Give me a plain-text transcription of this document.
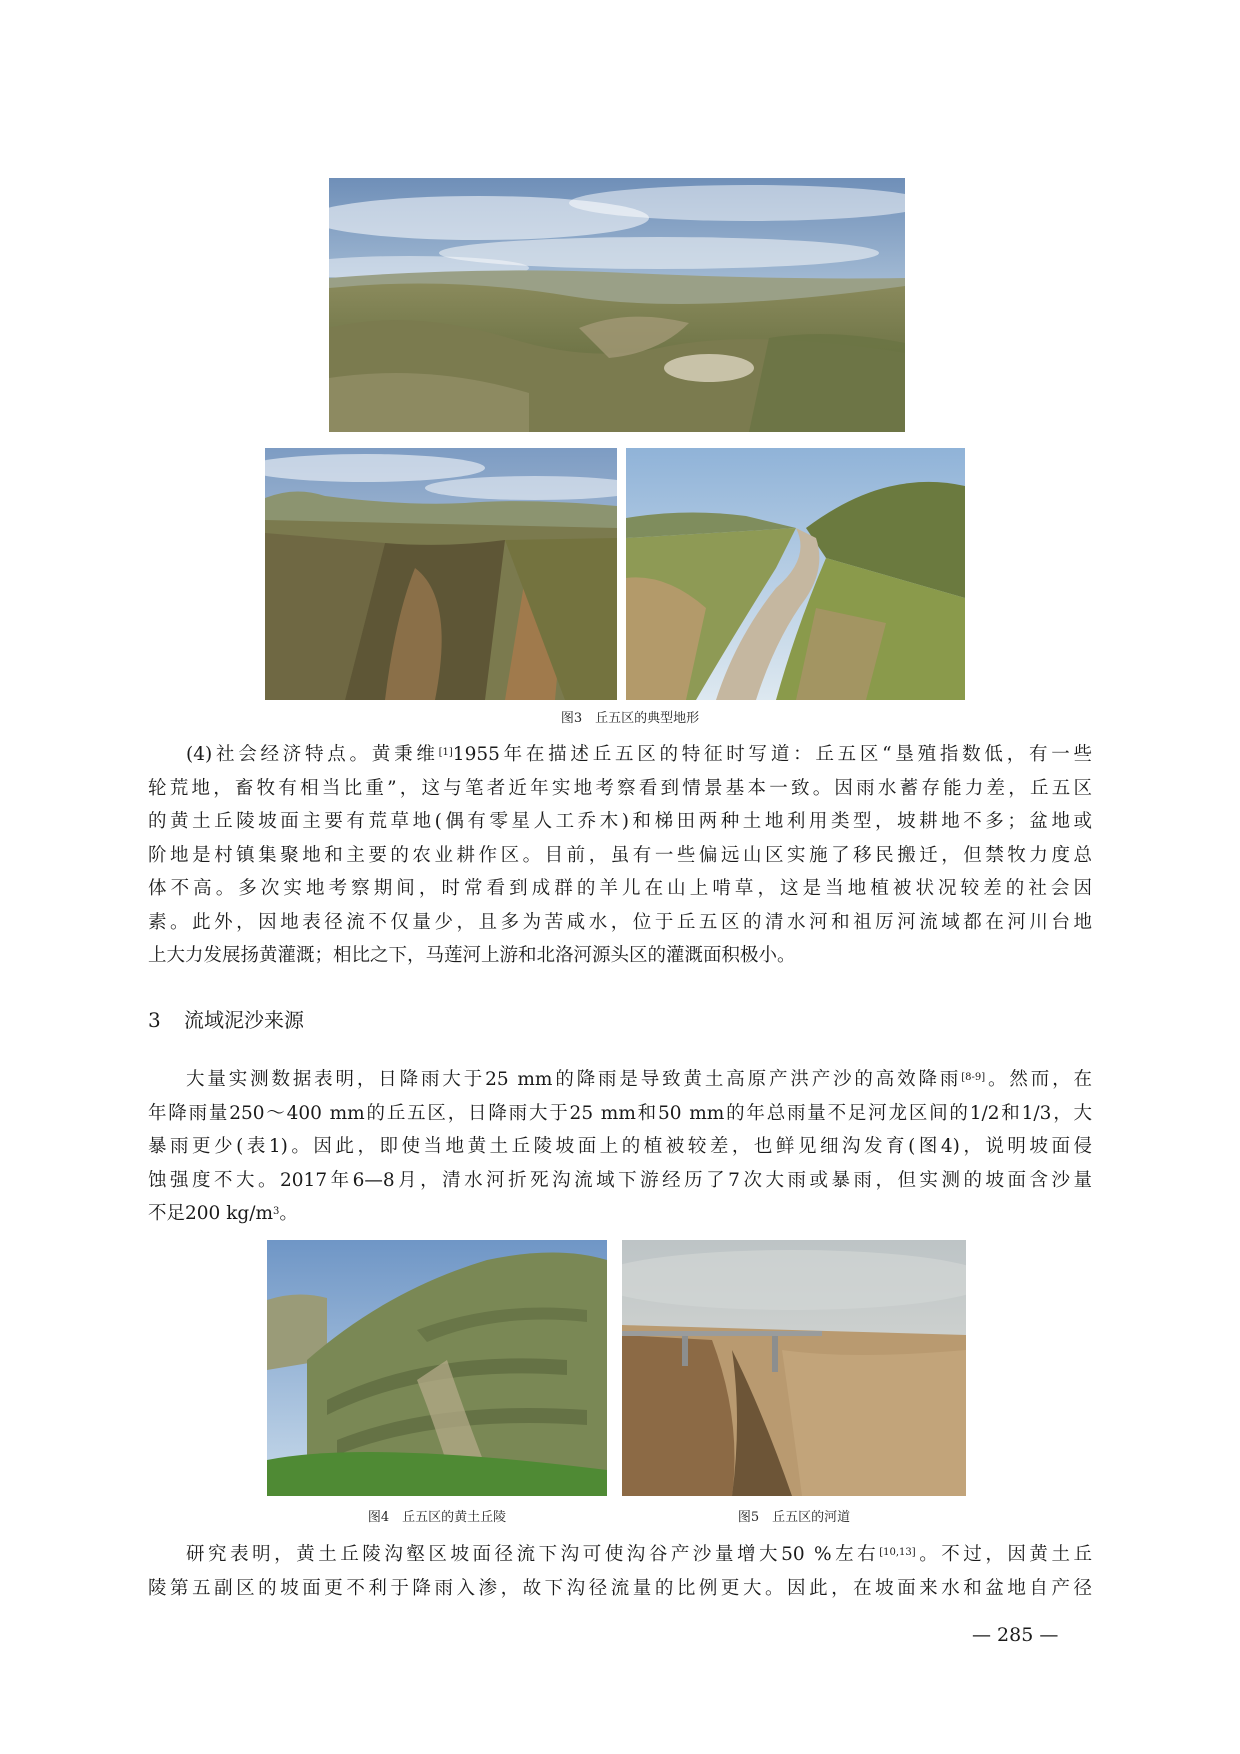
图3　丘五区的典型地形
(4)社会经济特点。黄秉维[1]1955年在描述丘五区的特征时写道：丘五区“垦殖指数低，有一些
轮荒地，畜牧有相当比重”，这与笔者近年实地考察看到情景基本一致。因雨水蓄存能力差，丘五区
的黄土丘陵坡面主要有荒草地(偶有零星人工乔木)和梯田两种土地利用类型，坡耕地不多；盆地或
阶地是村镇集聚地和主要的农业耕作区。目前，虽有一些偏远山区实施了移民搬迁，但禁牧力度总
体不高。多次实地考察期间，时常看到成群的羊儿在山上啃草，这是当地植被状况较差的社会因
素。此外，因地表径流不仅量少，且多为苦咸水，位于丘五区的清水河和祖厉河流域都在河川台地
上大力发展扬黄灌溉；相比之下，马莲河上游和北洛河源头区的灌溉面积极小。
3 流域泥沙来源
大量实测数据表明，日降雨大于25 mm的降雨是导致黄土高原产洪产沙的高效降雨[8-9]。然而，在
年降雨量250～400 mm的丘五区，日降雨大于25 mm和50 mm的年总雨量不足河龙区间的1/2和1/3，大
暴雨更少(表1)。因此，即使当地黄土丘陵坡面上的植被较差，也鲜见细沟发育(图4)，说明坡面侵
蚀强度不大。2017年6—8月，清水河折死沟流域下游经历了7次大雨或暴雨，但实测的坡面含沙量
不足200 $kg/m^3$。
图4　丘五区的黄土丘陵	图5　丘五区的河道
研究表明，黄土丘陵沟壑区坡面径流下沟可使沟谷产沙量增大50 %左右[10,13]。不过，因黄土丘
陵第五副区的坡面更不利于降雨入渗，故下沟径流量的比例更大。因此，在坡面来水和盆地自产径
— 285 —
